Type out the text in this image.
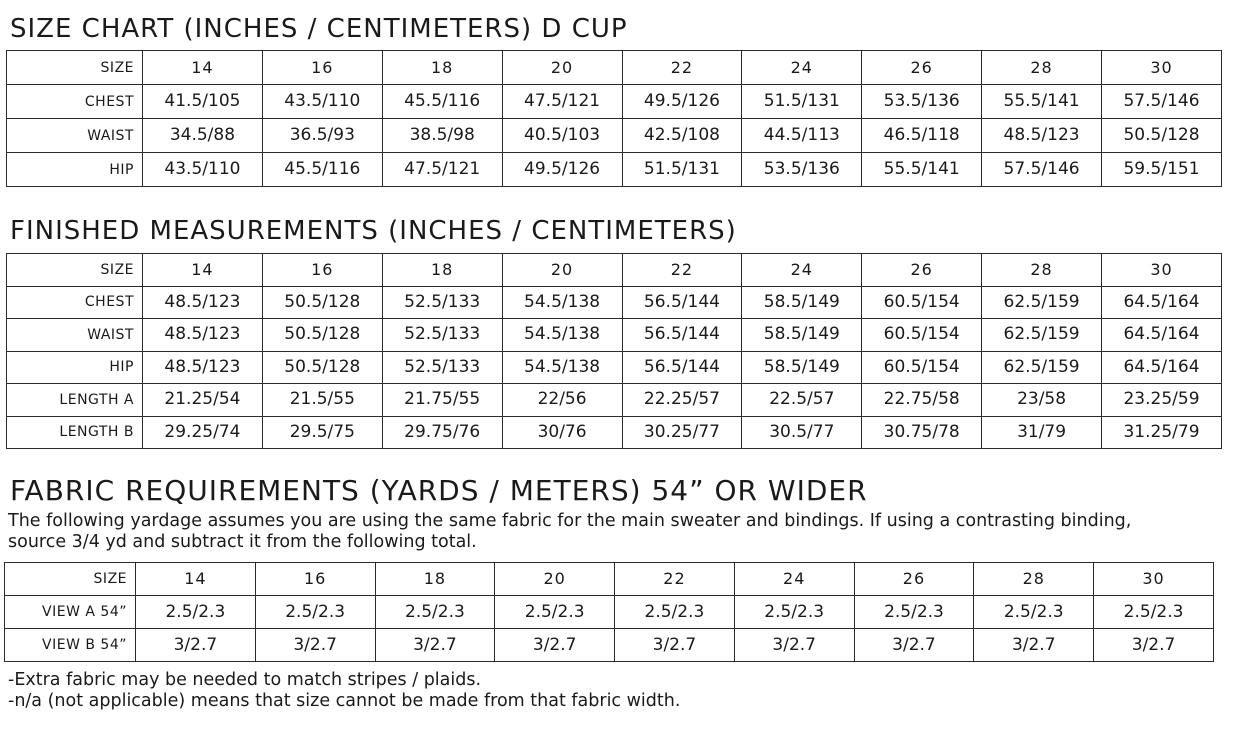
SIZE CHART (INCHES / CENTIMETERS) D CUP
SIZE	14	16	18	20	22	24	26	28	30
CHEST	41.5/105	43.5/110	45.5/116	47.5/121	49.5/126	51.5/131	53.5/136	55.5/141	57.5/146
WAIST	34.5/88	36.5/93	38.5/98	40.5/103	42.5/108	44.5/113	46.5/118	48.5/123	50.5/128
HIP	43.5/110	45.5/116	47.5/121	49.5/126	51.5/131	53.5/136	55.5/141	57.5/146	59.5/151
FINISHED MEASUREMENTS (INCHES / CENTIMETERS)
SIZE	14	16	18	20	22	24	26	28	30
CHEST	48.5/123	50.5/128	52.5/133	54.5/138	56.5/144	58.5/149	60.5/154	62.5/159	64.5/164
WAIST	48.5/123	50.5/128	52.5/133	54.5/138	56.5/144	58.5/149	60.5/154	62.5/159	64.5/164
HIP	48.5/123	50.5/128	52.5/133	54.5/138	56.5/144	58.5/149	60.5/154	62.5/159	64.5/164
LENGTH A	21.25/54	21.5/55	21.75/55	22/56	22.25/57	22.5/57	22.75/58	23/58	23.25/59
LENGTH B	29.25/74	29.5/75	29.75/76	30/76	30.25/77	30.5/77	30.75/78	31/79	31.25/79
FABRIC REQUIREMENTS (YARDS / METERS) 54” OR WIDER

The following yardage assumes you are using the same fabric for the main sweater and bindings. If using a contrasting binding, source 3/4 yd and subtract it from the following total.

SIZE	14	16	18	20	22	24	26	28	30
VIEW A 54”	2.5/2.3	2.5/2.3	2.5/2.3	2.5/2.3	2.5/2.3	2.5/2.3	2.5/2.3	2.5/2.3	2.5/2.3
VIEW B 54”	3/2.7	3/2.7	3/2.7	3/2.7	3/2.7	3/2.7	3/2.7	3/2.7	3/2.7

-Extra fabric may be needed to match stripes / plaids.

-n/a (not applicable) means that size cannot be made from that fabric width.
